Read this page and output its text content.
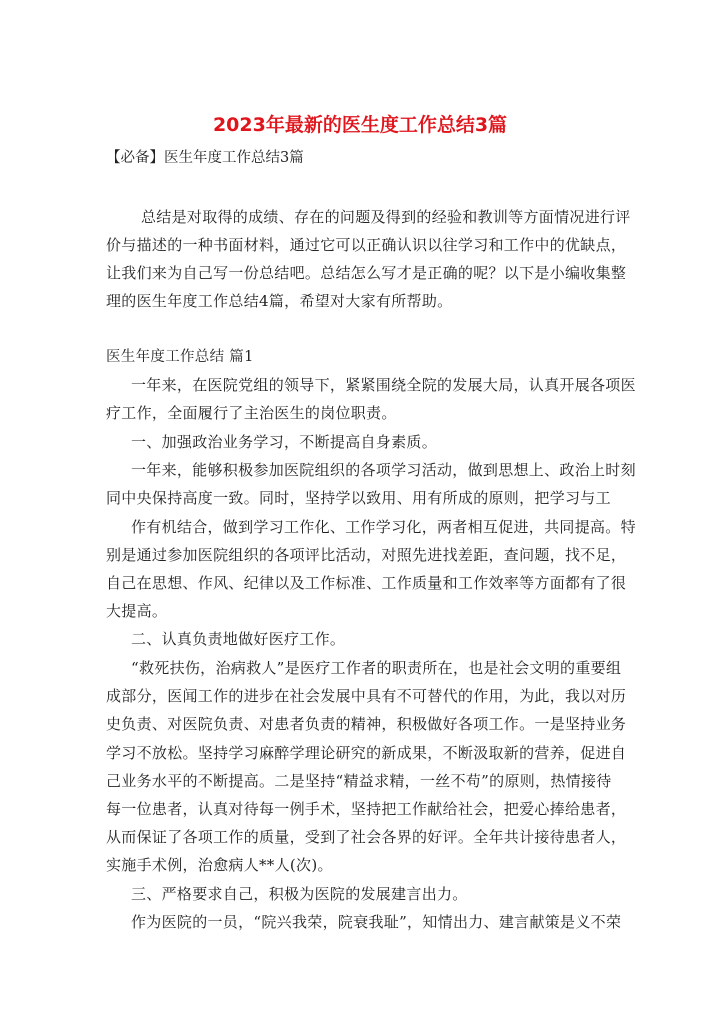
2023年最新的医生度工作总结3篇
【必备】医生年度工作总结3篇
总结是对取得的成绩、存在的问题及得到的经验和教训等方面情况进行评
价与描述的一种书面材料，通过它可以正确认识以往学习和工作中的优缺点，
让我们来为自己写一份总结吧。总结怎么写才是正确的呢？以下是小编收集整
理的医生年度工作总结4篇，希望对大家有所帮助。
医生年度工作总结 篇1
一年来，在医院党组的领导下，紧紧围绕全院的发展大局，认真开展各项医
疗工作，全面履行了主治医生的岗位职责。
一、加强政治业务学习，不断提高自身素质。
一年来，能够积极参加医院组织的各项学习活动，做到思想上、政治上时刻
同中央保持高度一致。同时，坚持学以致用、用有所成的原则，把学习与工
作有机结合，做到学习工作化、工作学习化，两者相互促进，共同提高。特
别是通过参加医院组织的各项评比活动，对照先进找差距，查问题，找不足，
自己在思想、作风、纪律以及工作标准、工作质量和工作效率等方面都有了很
大提高。
二、认真负责地做好医疗工作。
“救死扶伤，治病救人”是医疗工作者的职责所在，也是社会文明的重要组
成部分，医闻工作的进步在社会发展中具有不可替代的作用，为此，我以对历
史负责、对医院负责、对患者负责的精神，积极做好各项工作。一是坚持业务
学习不放松。坚持学习麻醉学理论研究的新成果，不断汲取新的营养，促进自
己业务水平的不断提高。二是坚持“精益求精，一丝不苟”的原则，热情接待
每一位患者，认真对待每一例手术，坚持把工作献给社会，把爱心捧给患者，
从而保证了各项工作的质量，受到了社会各界的好评。全年共计接待患者人，
实施手术例，治愈病人**人(次)。
三、严格要求自己，积极为医院的发展建言出力。
作为医院的一员，“院兴我荣，院衰我耻”，知情出力、建言献策是义不荣
